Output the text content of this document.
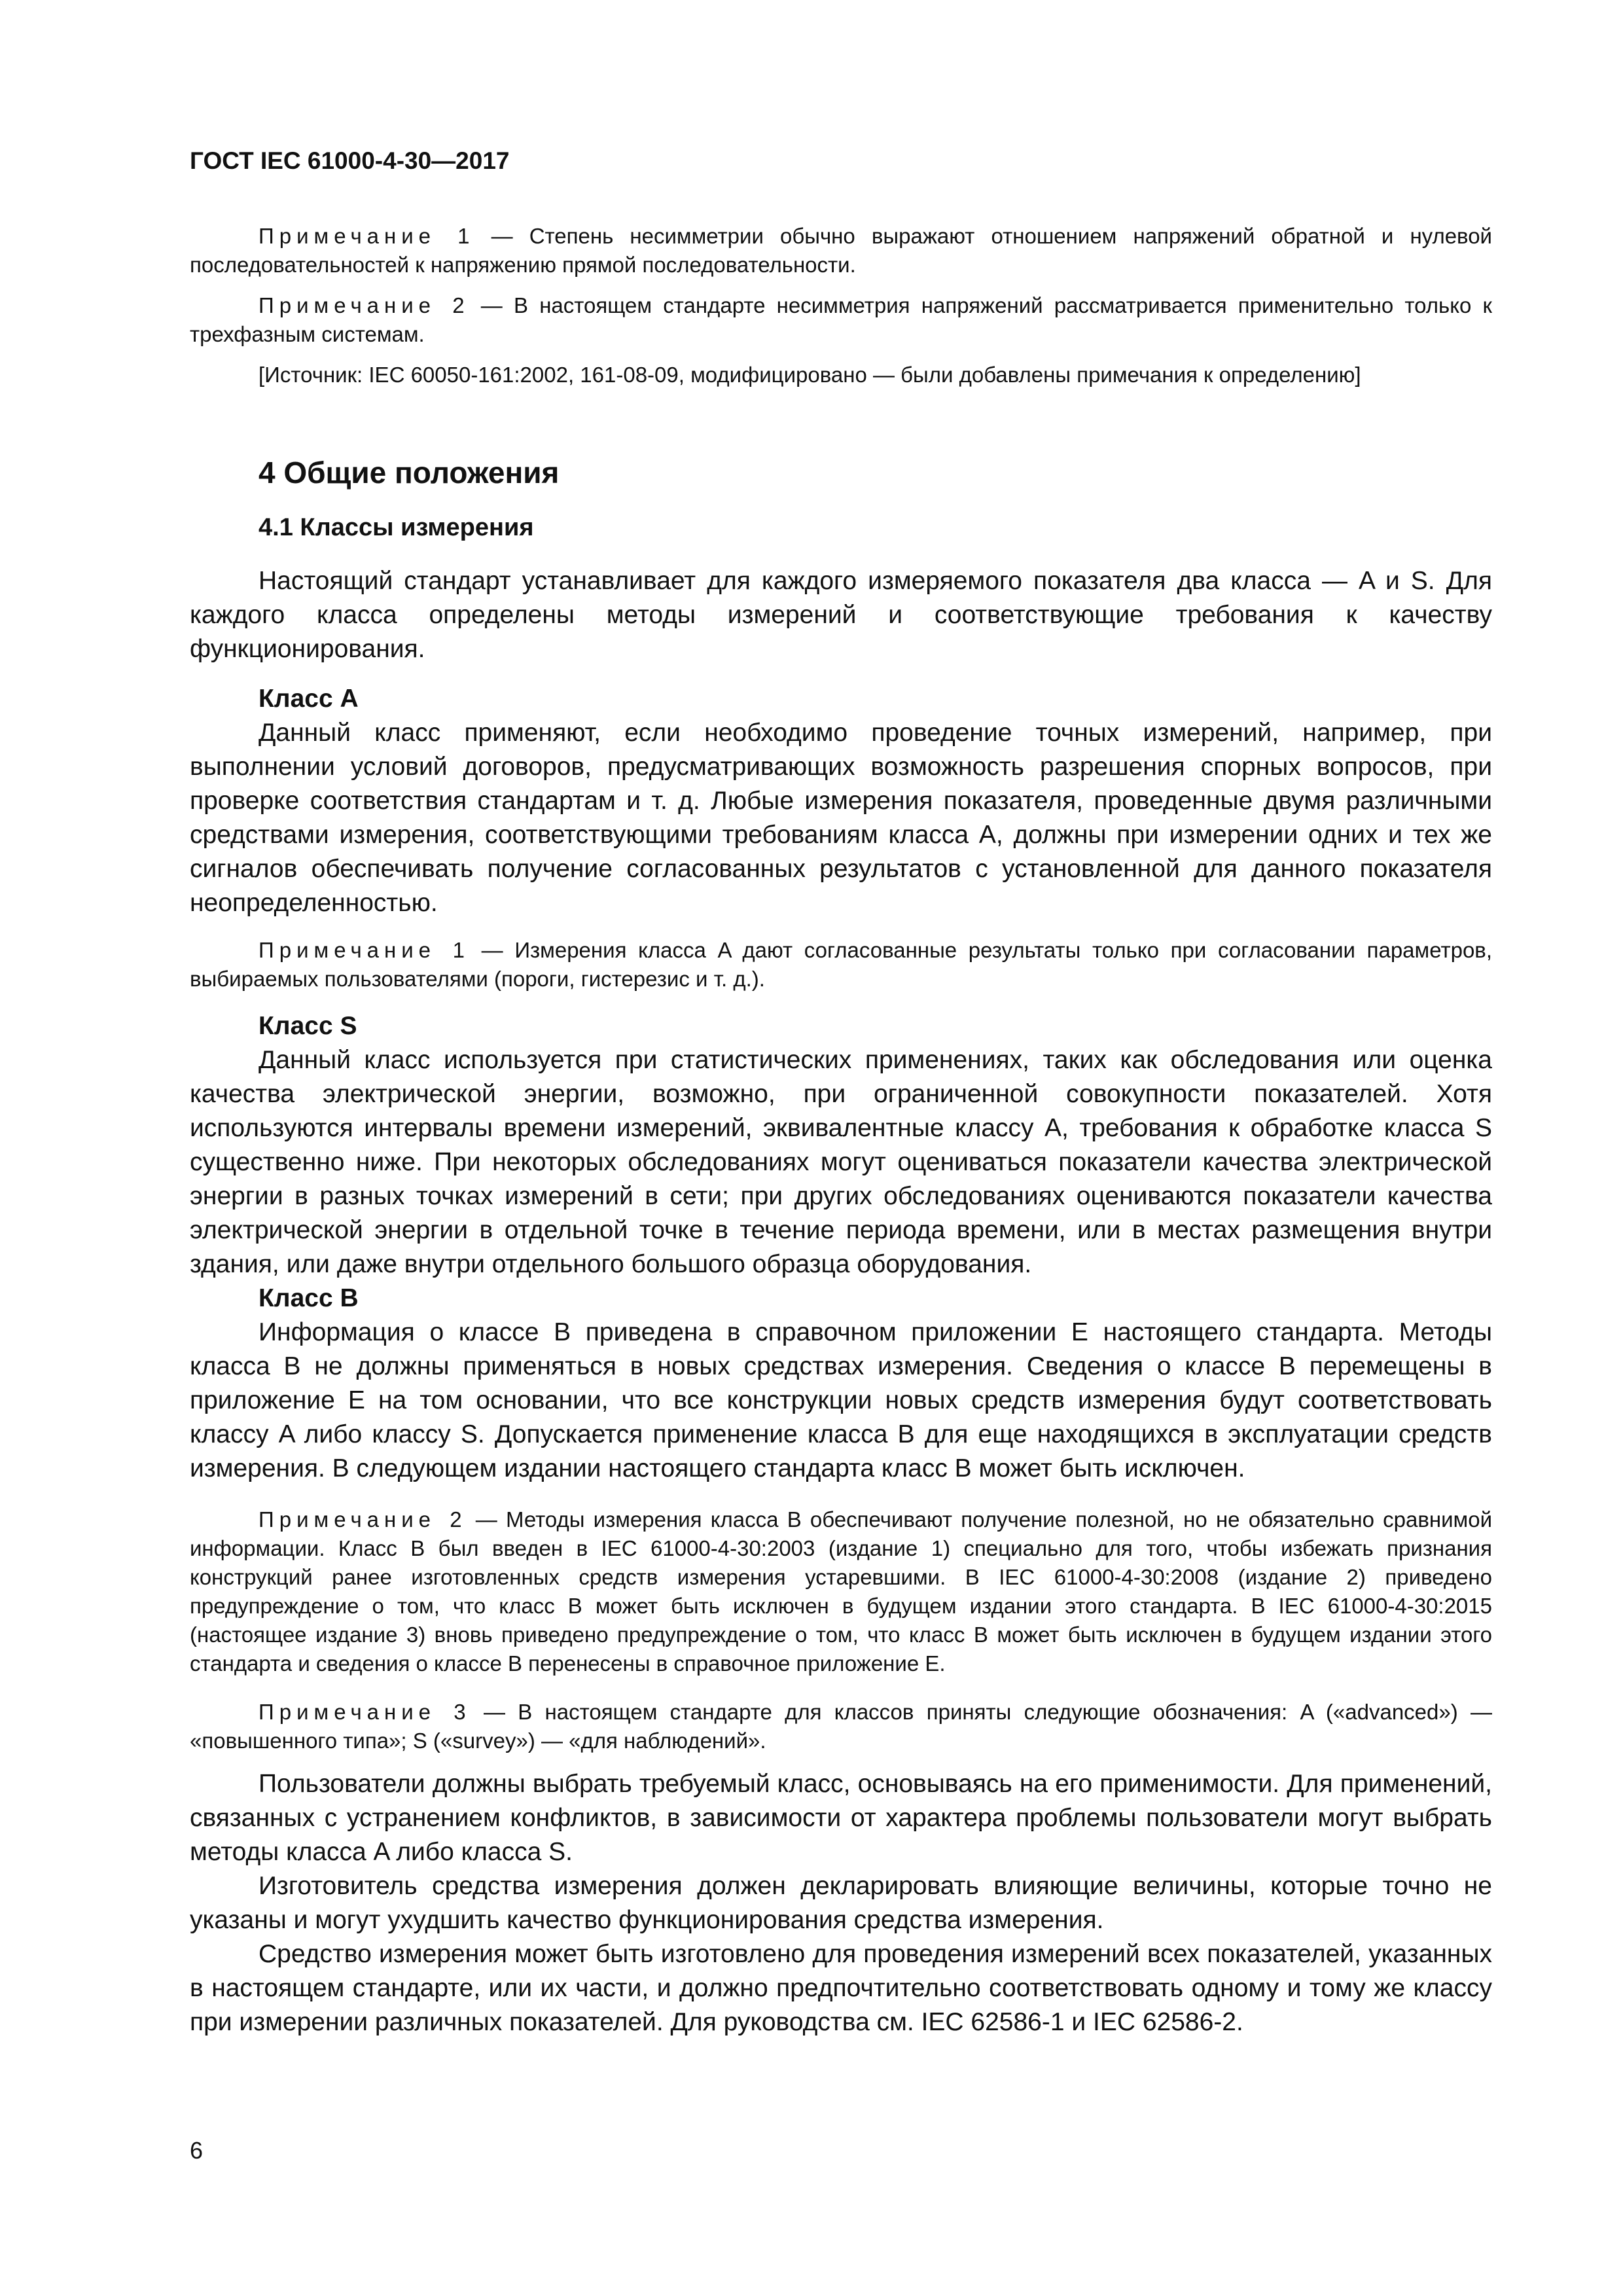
ГОСТ IEC 61000-4-30—2017

Примечание 1 — Степень несимметрии обычно выражают отношением напряжений обратной и нулевой последовательностей к напряжению прямой последовательности.

Примечание 2 — В настоящем стандарте несимметрия напряжений рассматривается применительно только к трехфазным системам.

[Источник: IEC 60050-161:2002, 161-08-09, модифицировано — были добавлены примечания к определению]

4 Общие положения
4.1 Классы измерения

Настоящий стандарт устанавливает для каждого измеряемого показателя два класса — A и S. Для каждого класса определены методы измерений и соответствующие требования к качеству функционирования.

Класс A

Данный класс применяют, если необходимо проведение точных измерений, например, при выполнении условий договоров, предусматривающих возможность разрешения спорных вопросов, при проверке соответствия стандартам и т. д. Любые измерения показателя, проведенные двумя различными средствами измерения, соответствующими требованиям класса A, должны при измерении одних и тех же сигналов обеспечивать получение согласованных результатов с установленной для данного показателя неопределенностью.

Примечание 1 — Измерения класса A дают согласованные результаты только при согласовании параметров, выбираемых пользователями (пороги, гистерезис и т. д.).

Класс S

Данный класс используется при статистических применениях, таких как обследования или оценка качества электрической энергии, возможно, при ограниченной совокупности показателей. Хотя используются интервалы времени измерений, эквивалентные классу A, требования к обработке класса S существенно ниже. При некоторых обследованиях могут оцениваться показатели качества электрической энергии в разных точках измерений в сети; при других обследованиях оцениваются показатели качества электрической энергии в отдельной точке в течение периода времени, или в местах размещения внутри здания, или даже внутри отдельного большого образца оборудования.

Класс B

Информация о классе B приведена в справочном приложении E настоящего стандарта. Методы класса B не должны применяться в новых средствах измерения. Сведения о классе B перемещены в приложение E на том основании, что все конструкции новых средств измерения будут соответствовать классу A либо классу S. Допускается применение класса B для еще находящихся в эксплуатации средств измерения. В следующем издании настоящего стандарта класс B может быть исключен.

Примечание 2 — Методы измерения класса B обеспечивают получение полезной, но не обязательно сравнимой информации. Класс B был введен в IEC 61000-4-30:2003 (издание 1) специально для того, чтобы избежать признания конструкций ранее изготовленных средств измерения устаревшими. В IEC 61000-4-30:2008 (издание 2) приведено предупреждение о том, что класс B может быть исключен в будущем издании этого стандарта. В IEC 61000-4-30:2015 (настоящее издание 3) вновь приведено предупреждение о том, что класс B может быть исключен в будущем издании этого стандарта и сведения о классе B перенесены в справочное приложение E.

Примечание 3 — В настоящем стандарте для классов приняты следующие обозначения: A («advanced») — «повышенного типа»; S («survey») — «для наблюдений».

Пользователи должны выбрать требуемый класс, основываясь на его применимости. Для применений, связанных с устранением конфликтов, в зависимости от характера проблемы пользователи могут выбрать методы класса A либо класса S.

Изготовитель средства измерения должен декларировать влияющие величины, которые точно не указаны и могут ухудшить качество функционирования средства измерения.

Средство измерения может быть изготовлено для проведения измерений всех показателей, указанных в настоящем стандарте, или их части, и должно предпочтительно соответствовать одному и тому же классу при измерении различных показателей. Для руководства см. IEC 62586-1 и IEC 62586-2.

6
